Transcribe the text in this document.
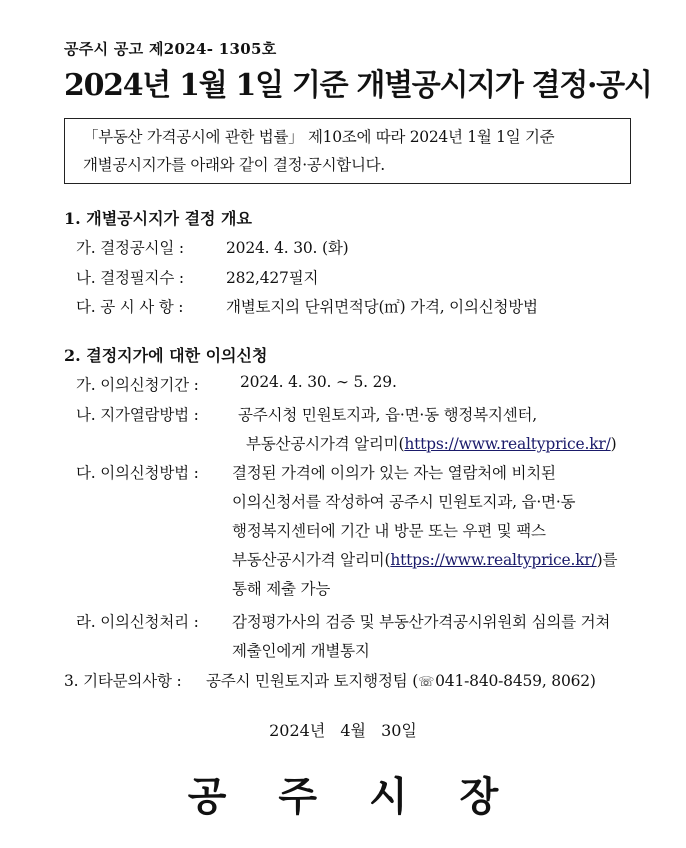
공주시 공고 제2024- 1305호
2024년 1월 1일 기준 개별공시지가 결정·공시
「부동산 가격공시에 관한 법률」 제10조에 따라 2024년 1월 1일 기준
개별공시지가를 아래와 같이 결정·공시합니다.
1. 개별공시지가 결정 개요
가. 결정공시일 :	2024. 4. 30. (화)
나. 결정필지수 :	282,427필지
다. 공 시 사 항 :	개별토지의 단위면적당(㎡) 가격, 이의신청방법
2. 결정지가에 대한 이의신청
가. 이의신청기간 :	2024. 4. 30. ∼ 5. 29.
나. 지가열람방법 :	공주시청 민원토지과, 읍·면·동 행정복지센터,
부동산공시가격 알리미(https://www.realtyprice.kr/)
다. 이의신청방법 : 결정된 가격에 이의가 있는 자는 열람처에 비치된
이의신청서를 작성하여 공주시 민원토지과, 읍·면·동
행정복지센터에 기간 내 방문 또는 우편 및 팩스
부동산공시가격 알리미(https://www.realtyprice.kr/)를
통해 제출 가능
라. 이의신청처리 : 감정평가사의 검증 및 부동산가격공시위원회 심의를 거쳐
제출인에게 개별통지
3. 기타문의사항 : 공주시 민원토지과 토지행정팀 (☏041-840-8459, 8062)
2024년 4월 30일
공주시장
